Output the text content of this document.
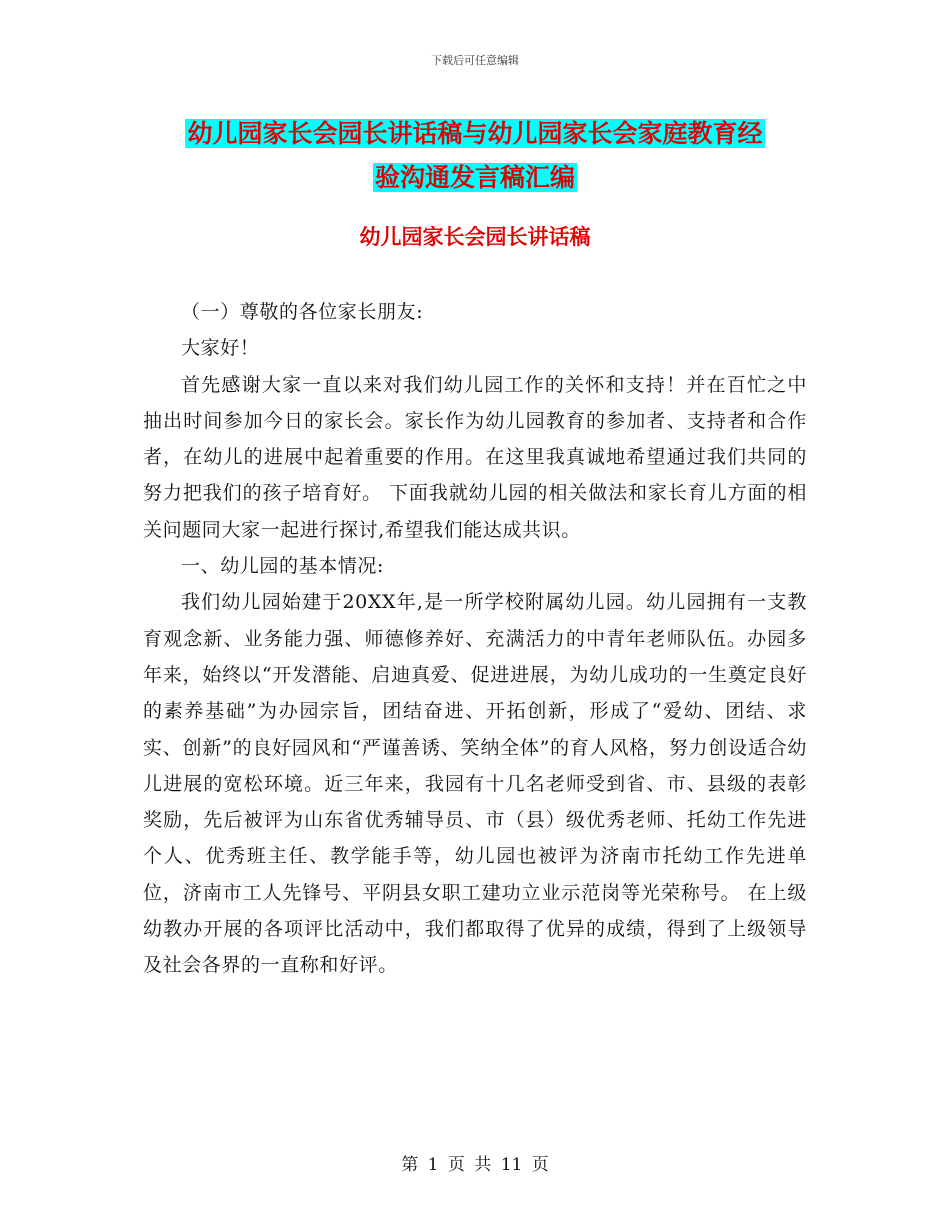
下载后可任意编辑
幼儿园家长会园长讲话稿与幼儿园家长会家庭教育经
验沟通发言稿汇编
幼儿园家长会园长讲话稿

（一）尊敬的各位家长朋友:

大家好！

首先感谢大家一直以来对我们幼儿园工作的关怀和支持！并在百忙之中抽出时间参加今日的家长会。家长作为幼儿园教育的参加者、支持者和合作者，在幼儿的进展中起着重要的作用。在这里我真诚地希望通过我们共同的努力把我们的孩子培育好。 下面我就幼儿园的相关做法和家长育儿方面的相关问题同大家一起进行探讨,希望我们能达成共识。

一、幼儿园的基本情况:

我们幼儿园始建于20XX年,是一所学校附属幼儿园。幼儿园拥有一支教育观念新、业务能力强、师德修养好、充满活力的中青年老师队伍。办园多年来，始终以“开发潜能、启迪真爱、促进进展，为幼儿成功的一生奠定良好的素养基础”为办园宗旨，团结奋进、开拓创新，形成了“爱幼、团结、求实、创新”的良好园风和“严谨善诱、笑纳全体”的育人风格，努力创设适合幼儿进展的宽松环境。近三年来，我园有十几名老师受到省、市、县级的表彰奖励，先后被评为山东省优秀辅导员、市（县）级优秀老师、托幼工作先进个人、优秀班主任、教学能手等，幼儿园也被评为济南市托幼工作先进单位，济南市工人先锋号、平阴县女职工建功立业示范岗等光荣称号。 在上级幼教办开展的各项评比活动中，我们都取得了优异的成绩，得到了上级领导及社会各界的一直称和好评。

第 1 页 共 11 页
